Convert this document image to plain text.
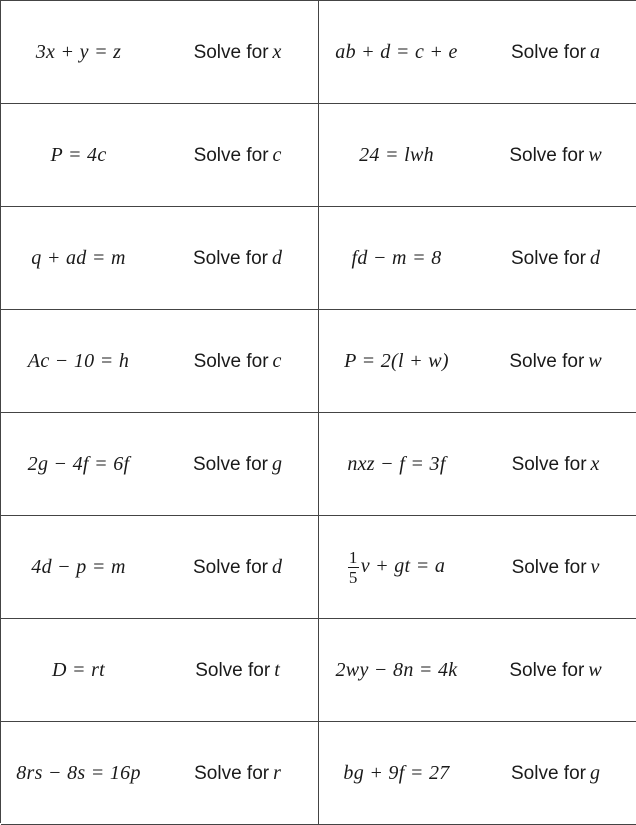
3x + y = z	Solve for x	ab + d = c + e	Solve for a
P = 4c	Solve for c	24 = lwh	Solve for w
q + ad = m	Solve for d	fd − m = 8	Solve for d
Ac − 10 = h	Solve for c	P = 2(l + w)	Solve for w
2g − 4f = 6f	Solve for g	nxz − f = 3f	Solve for x
4d − p = m	Solve for d	$\frac{1}{5}$ v + gt = a	Solve for v
D = rt	Solve for t	2wy − 8n = 4k	Solve for w
8rs − 8s = 16p	Solve for r	bg + 9f = 27	Solve for g
